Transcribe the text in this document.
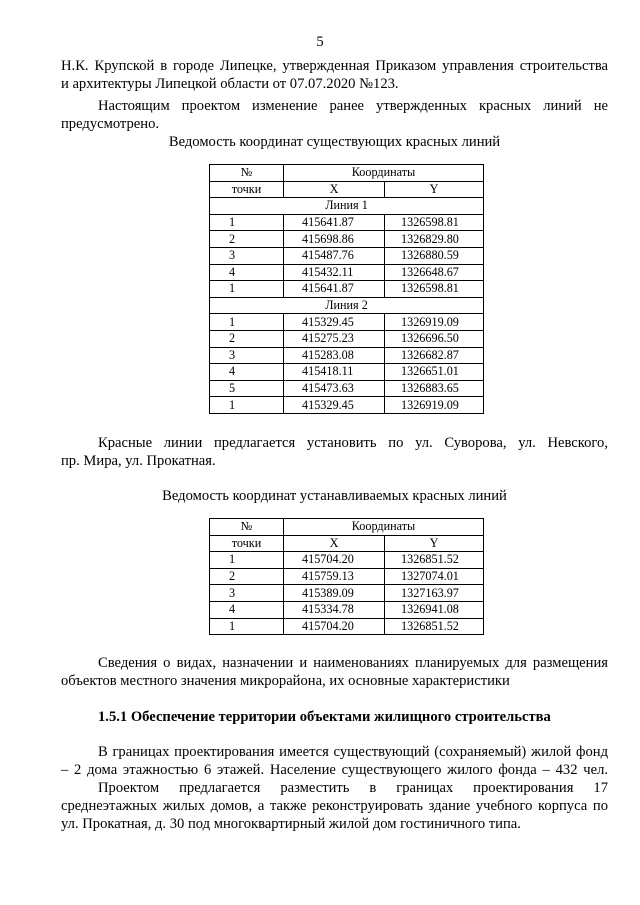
5
Н.К. Крупской в городе Липецке, утвержденная Приказом управления строительства
и архитектуры Липецкой области от 07.07.2020 №123.
Настоящим проектом изменение ранее утвержденных красных линий не
предусмотрено.
Ведомость координат существующих красных линий
№	Координаты	
точки	X	Y
Линия 1		
1	415641.87	1326598.81
2	415698.86	1326829.80
3	415487.76	1326880.59
4	415432.11	1326648.67
1	415641.87	1326598.81
Линия 2		
1	415329.45	1326919.09
2	415275.23	1326696.50
3	415283.08	1326682.87
4	415418.11	1326651.01
5	415473.63	1326883.65
1	415329.45	1326919.09
Красные линии предлагается установить по ул. Суворова, ул. Невского,
пр. Мира, ул. Прокатная.
Ведомость координат устанавливаемых красных линий
№	Координаты	
точки	X	Y
1	415704.20	1326851.52
2	415759.13	1327074.01
3	415389.09	1327163.97
4	415334.78	1326941.08
1	415704.20	1326851.52
Сведения о видах, назначении и наименованиях планируемых для размещения
объектов местного значения микрорайона, их основные характеристики
1.5.1 Обеспечение территории объектами жилищного строительства
В границах проектирования имеется существующий (сохраняемый) жилой фонд
– 2 дома этажностью 6 этажей. Население существующего жилого фонда – 432 чел.
Проектом предлагается разместить в границах проектирования 17
среднеэтажных жилых домов, а также реконструировать здание учебного корпуса по
ул. Прокатная, д. 30 под многоквартирный жилой дом гостиничного типа.
